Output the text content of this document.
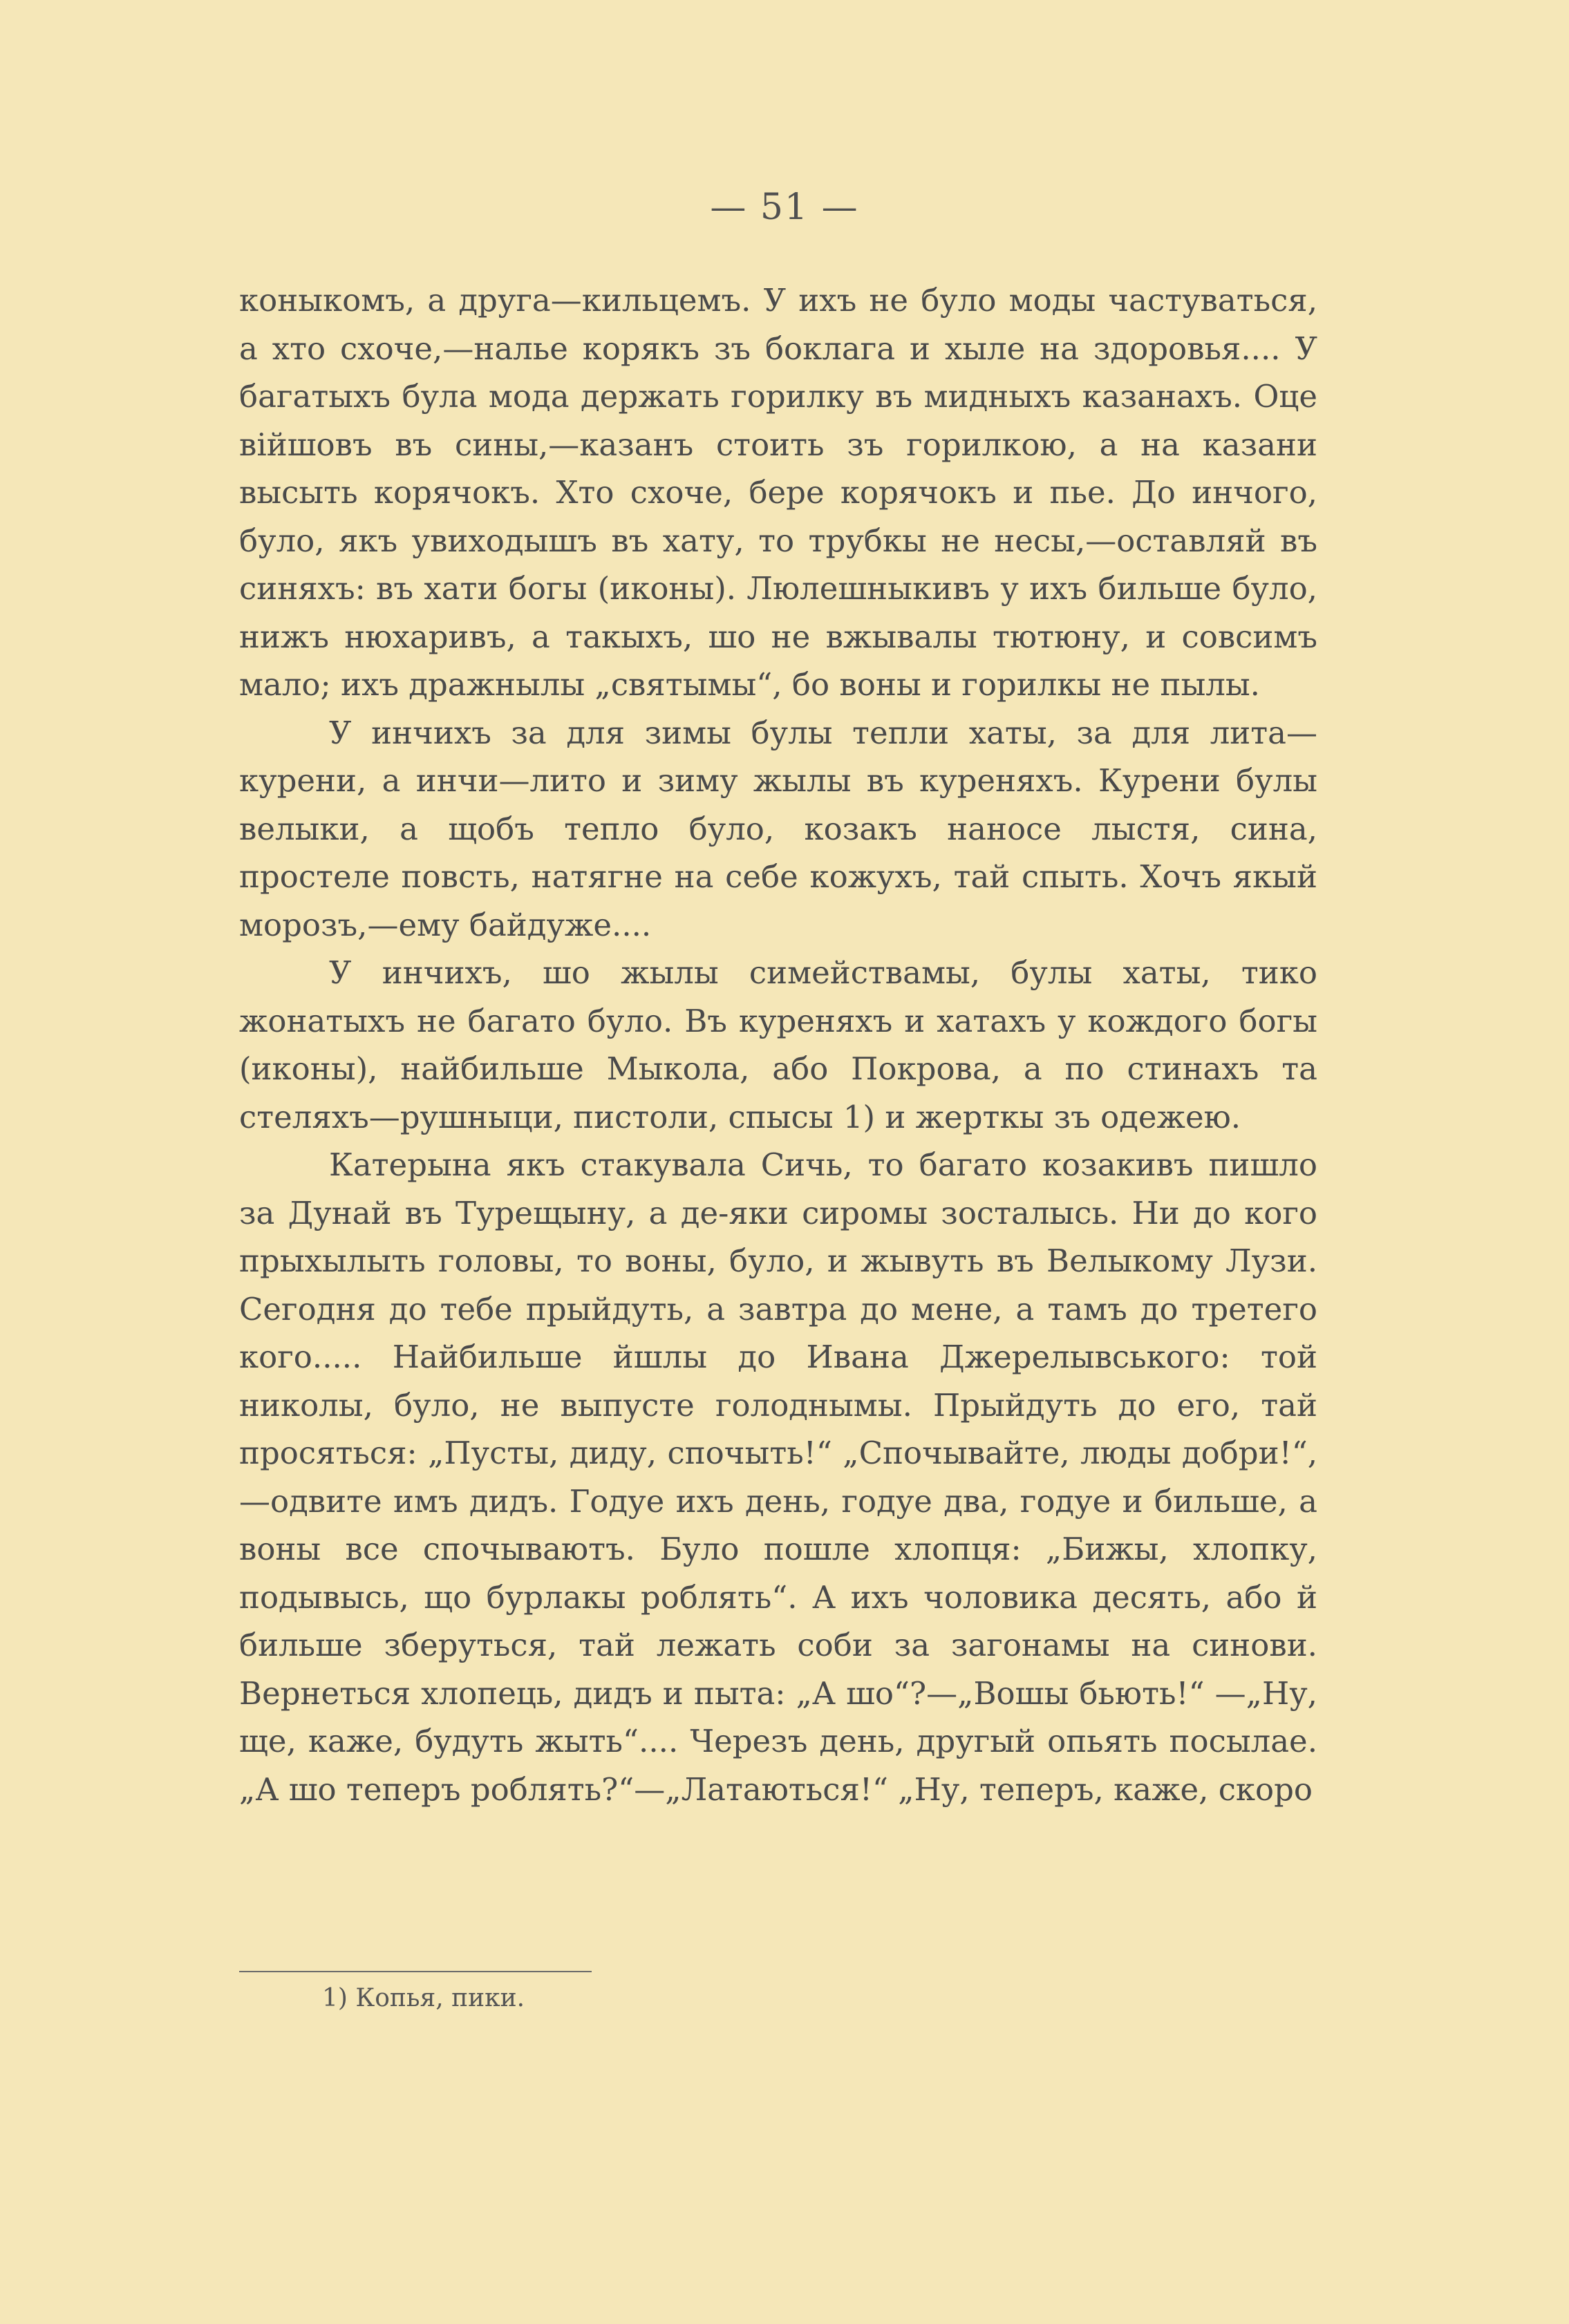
— 51 —

коныкомъ, а друга—кильцемъ. У ихъ не було моды частуваться, а хто схоче,—налье корякъ зъ боклага и хыле на здоровья.... У багатыхъ була мода держать горилку въ мидныхъ казанахъ. Оце війшовъ въ сины,—казанъ стоить зъ горилкою, а на казани высыть корячокъ. Хто схоче, бере корячокъ и пье. До инчого, було, якъ увиходышъ въ хату, то трубкы не несы,—оставляй въ синяхъ: въ хати богы (иконы). Люлешныкивъ у ихъ бильше було, нижъ нюхаривъ, а такыхъ, шо не вжывалы тютюну, и совсимъ мало; ихъ дражнылы „святымы“, бо воны и горилкы не пылы.

У инчихъ за для зимы булы тепли хаты, за для лита—курени, а инчи—лито и зиму жылы въ куреняхъ. Курени булы велыки, а щобъ тепло було, козакъ наносе лыстя, сина, простеле повсть, натягне на себе кожухъ, тай спыть. Хочъ якый морозъ,—ему байдуже....

У инчихъ, шо жылы симействамы, булы хаты, тико жонатыхъ не багато було. Въ куреняхъ и хатахъ у кождого богы (иконы), найбильше Мыкола, або Покрова, а по стинахъ та стеляхъ—рушныци, пистоли, спысы 1) и жерткы зъ одежею.

Катерына якъ стакувала Сичь, то багато козакивъ пишло за Дунай въ Турещыну, а де-яки сиромы зосталысь. Ни до кого прыхылыть головы, то воны, було, и жывуть въ Велыкому Лузи. Сегодня до тебе прыйдуть, а завтра до мене, а тамъ до третего кого..... Найбильше йшлы до Ивана Джерелывського: той николы, було, не выпусте голоднымы. Прыйдуть до его, тай просяться: „Пусты, диду, спочыть!“ „Спочывайте, люды добри!“,—одвите имъ дидъ. Годуе ихъ день, годуе два, годуе и бильше, а воны все спочываютъ. Було пошле хлопця: „Бижы, хлопку, подывысь, що бурлакы роблять“. А ихъ чоловика десять, або й бильше зберуться, тай лежать соби за загонамы на синови. Вернеться хлопець, дидъ и пыта: „А шо“?—„Вошы бьють!“ —„Ну, ще, каже, будуть жыть“.... Черезъ день, другый опьять посылае. „А шо теперъ роблять?“—„Латаються!“ „Ну, теперъ, каже, скоро

1) Копья, пики.
